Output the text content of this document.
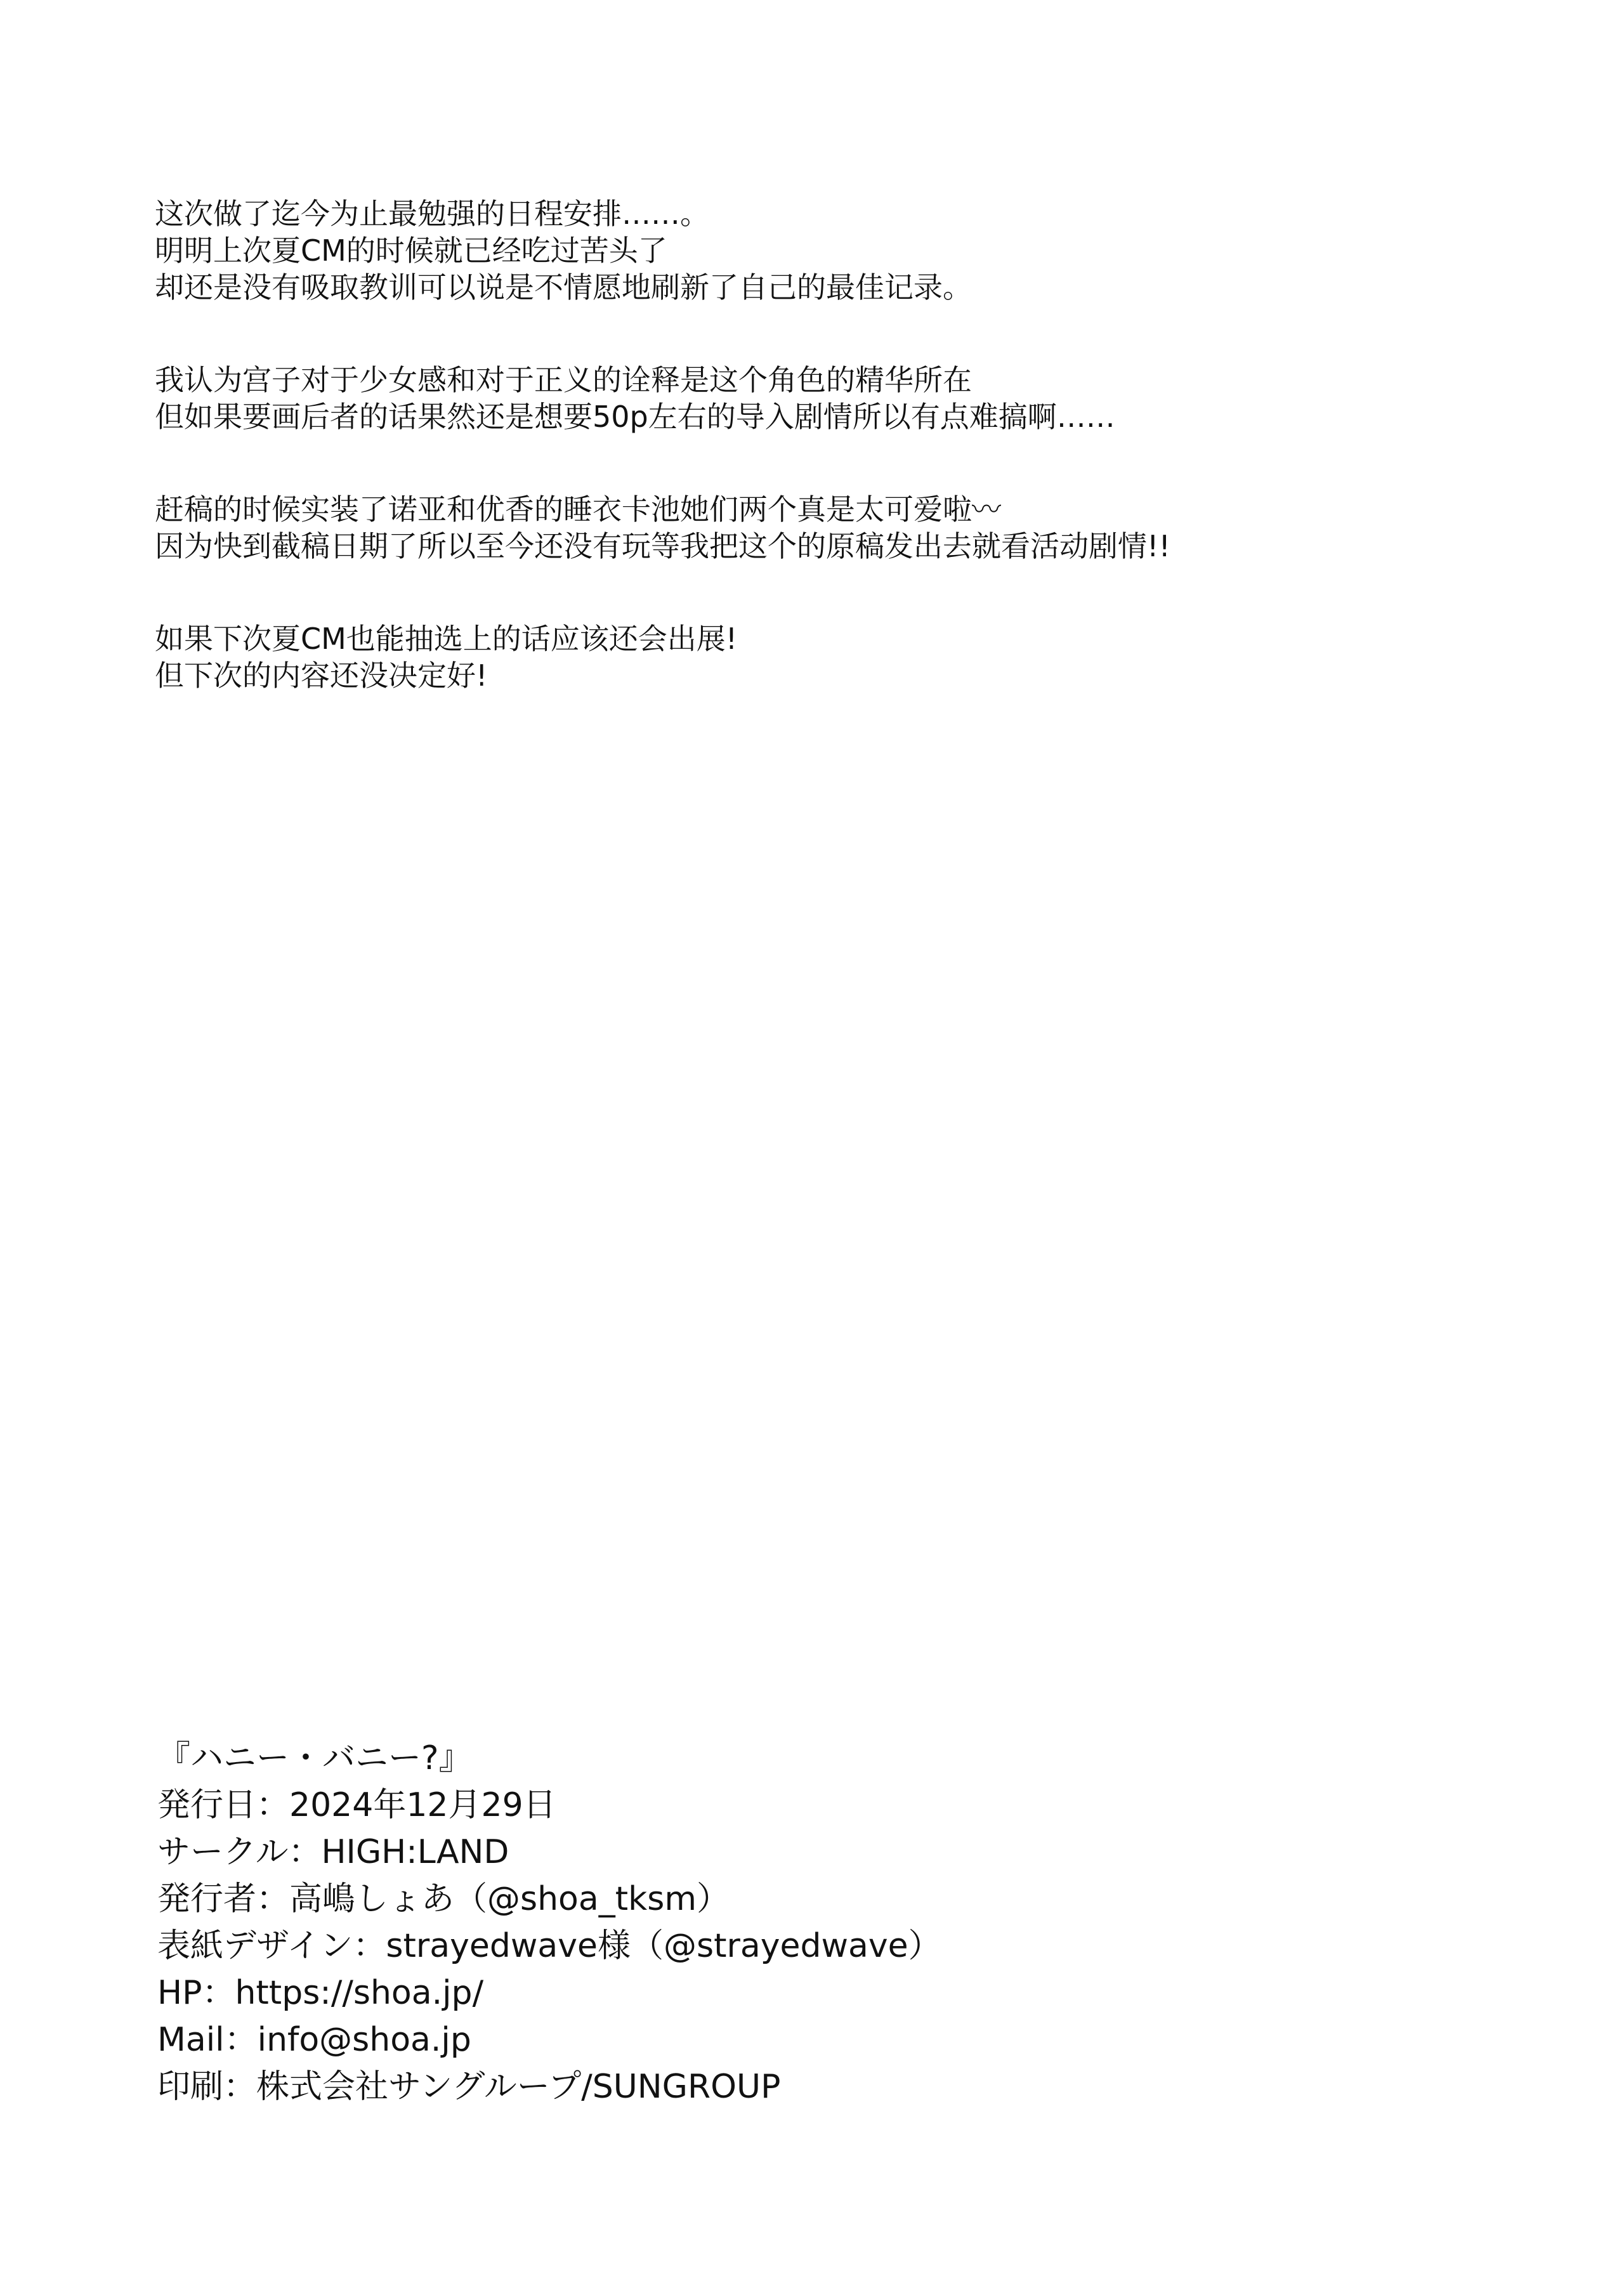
这次做了迄今为止最勉强的日程安排……。
明明上次夏CM的时候就已经吃过苦头了
却还是没有吸取教训可以说是不情愿地刷新了自己的最佳记录。
我认为宫子对于少女感和对于正义的诠释是这个角色的精华所在
但如果要画后者的话果然还是想要50p左右的导入剧情所以有点难搞啊……
赶稿的时候实装了诺亚和优香的睡衣卡池她们两个真是太可爱啦〰
因为快到截稿日期了所以至今还没有玩等我把这个的原稿发出去就看活动剧情!!
如果下次夏CM也能抽选上的话应该还会出展!
但下次的内容还没决定好!
『ハニー・バニー?』
発行日：2024年12月29日
サークル：HIGH:LAND
発行者：高嶋しょあ（@shoa_tksm）
表紙デザイン：strayedwave様（@strayedwave）
HP：https://shoa.jp/
Mail：info@shoa.jp
印刷：株式会社サングループ/SUNGROUP
